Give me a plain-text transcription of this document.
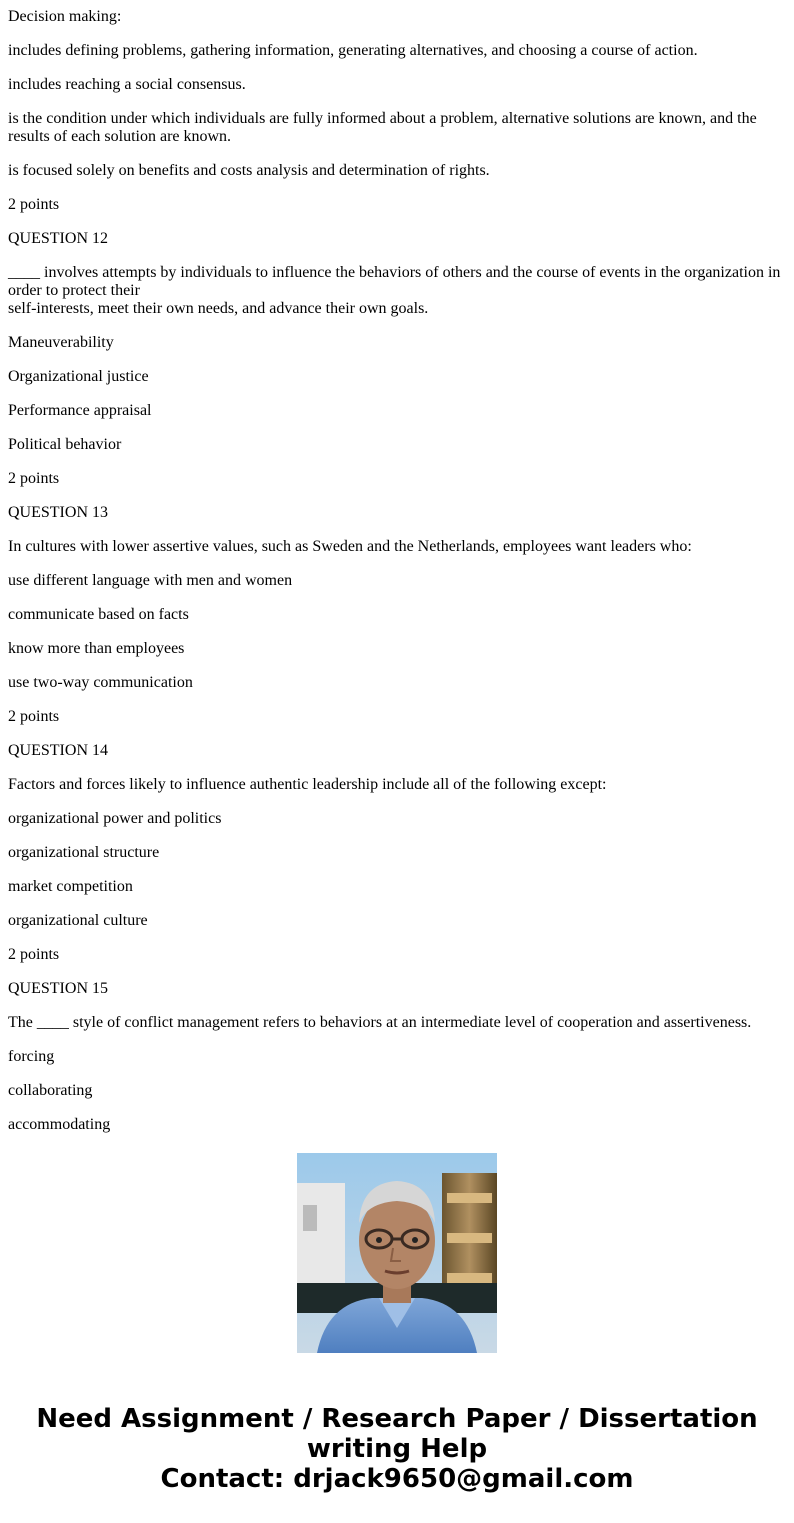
Decision making:

includes defining problems, gathering information, generating alternatives, and choosing a course of action.

includes reaching a social consensus.

is the condition under which individuals are fully informed about a problem, alternative solutions are known, and the results of each solution are known.

is focused solely on benefits and costs analysis and determination of rights.

2 points

QUESTION 12

____ involves attempts by individuals to influence the behaviors of others and the course of events in the organization in order to protect their
self-interests, meet their own needs, and advance their own goals.

Maneuverability

Organizational justice

Performance appraisal

Political behavior

2 points

QUESTION 13

In cultures with lower assertive values, such as Sweden and the Netherlands, employees want leaders who:

use different language with men and women

communicate based on facts

know more than employees

use two-way communication

2 points

QUESTION 14

Factors and forces likely to influence authentic leadership include all of the following except:

organizational power and politics

organizational structure

market competition

organizational culture

2 points

QUESTION 15

The ____ style of conflict management refers to behaviors at an intermediate level of cooperation and assertiveness.

forcing

collaborating

accommodating

Need Assignment / Research Paper / Dissertation
writing Help
Contact: drjack9650@gmail.com
